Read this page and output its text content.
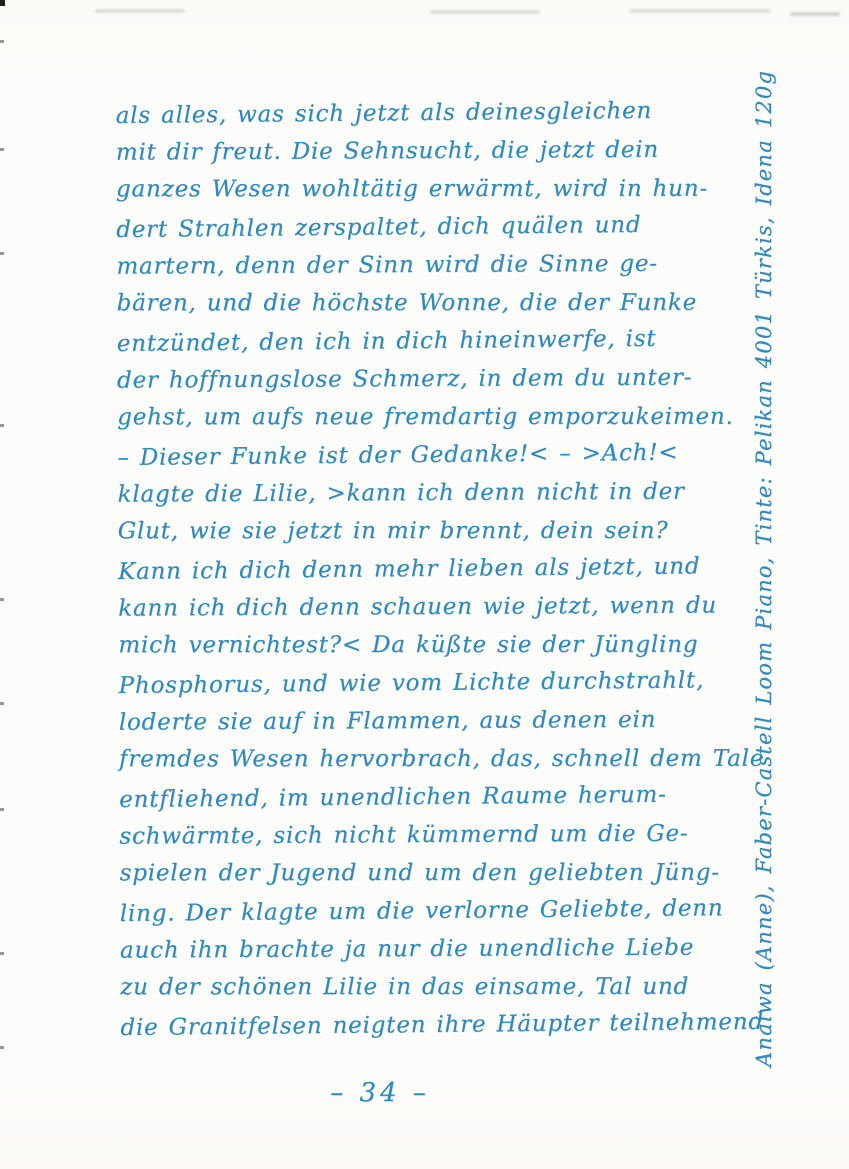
als alles, was sich jetzt als deinesgleichen
mit dir freut. Die Sehnsucht, die jetzt dein
ganzes Wesen wohltätig erwärmt, wird in hun-
dert Strahlen zerspaltet, dich quälen und
martern, denn der Sinn wird die Sinne ge-
bären, und die höchste Wonne, die der Funke
entzündet, den ich in dich hineinwerfe, ist
der hoffnungslose Schmerz, in dem du unter-
gehst, um aufs neue fremdartig emporzukeimen.
– Dieser Funke ist der Gedanke!< – >Ach!<
klagte die Lilie, >kann ich denn nicht in der
Glut, wie sie jetzt in mir brennt, dein sein?
Kann ich dich denn mehr lieben als jetzt, und
kann ich dich denn schauen wie jetzt, wenn du
mich vernichtest?< Da küßte sie der Jüngling
Phosphorus, und wie vom Lichte durchstrahlt,
loderte sie auf in Flammen, aus denen ein
fremdes Wesen hervorbrach, das, schnell dem Tale
entfliehend, im unendlichen Raume herum-
schwärmte, sich nicht kümmernd um die Ge-
spielen der Jugend und um den geliebten Jüng-
ling. Der klagte um die verlorne Geliebte, denn
auch ihn brachte ja nur die unendliche Liebe
zu der schönen Lilie in das einsame, Tal und
die Granitfelsen neigten ihre Häupter teilnehmend
– 34 –
Anaiwa (Anne), Faber-Castell Loom Piano, Tinte: Pelikan 4001 Türkis, Idena 120g
